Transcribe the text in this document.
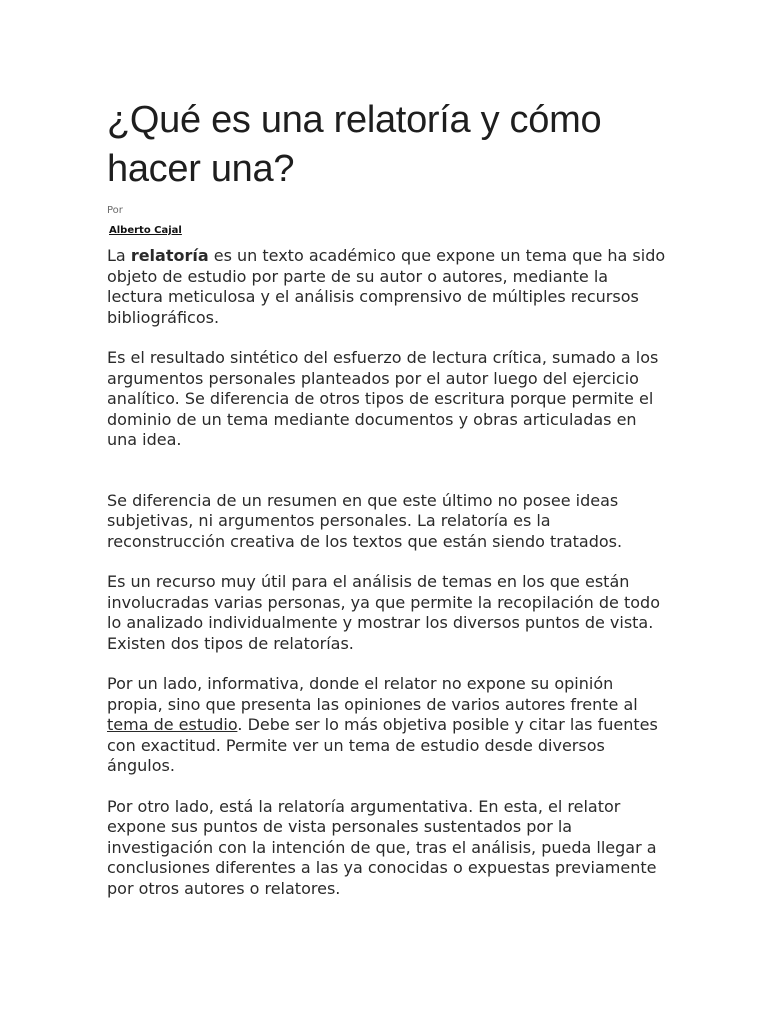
¿Qué es una relatoría y cómo hacer una?
Por
Alberto Cajal

La relatoría es un texto académico que expone un tema que ha sido objeto de estudio por parte de su autor o autores, mediante la lectura meticulosa y el análisis comprensivo de múltiples recursos bibliográficos.

Es el resultado sintético del esfuerzo de lectura crítica, sumado a los argumentos personales planteados por el autor luego del ejercicio analítico. Se diferencia de otros tipos de escritura porque permite el dominio de un tema mediante documentos y obras articuladas en una idea.

Se diferencia de un resumen en que este último no posee ideas subjetivas, ni argumentos personales. La relatoría es la reconstrucción creativa de los textos que están siendo tratados.

Es un recurso muy útil para el análisis de temas en los que están involucradas varias personas, ya que permite la recopilación de todo lo analizado individualmente y mostrar los diversos puntos de vista. Existen dos tipos de relatorías.

Por un lado, informativa, donde el relator no expone su opinión propia, sino que presenta las opiniones de varios autores frente al tema de estudio. Debe ser lo más objetiva posible y citar las fuentes con exactitud. Permite ver un tema de estudio desde diversos ángulos.

Por otro lado, está la relatoría argumentativa. En esta, el relator expone sus puntos de vista personales sustentados por la investigación con la intención de que, tras el análisis, pueda llegar a conclusiones diferentes a las ya conocidas o expuestas previamente por otros autores o relatores.
